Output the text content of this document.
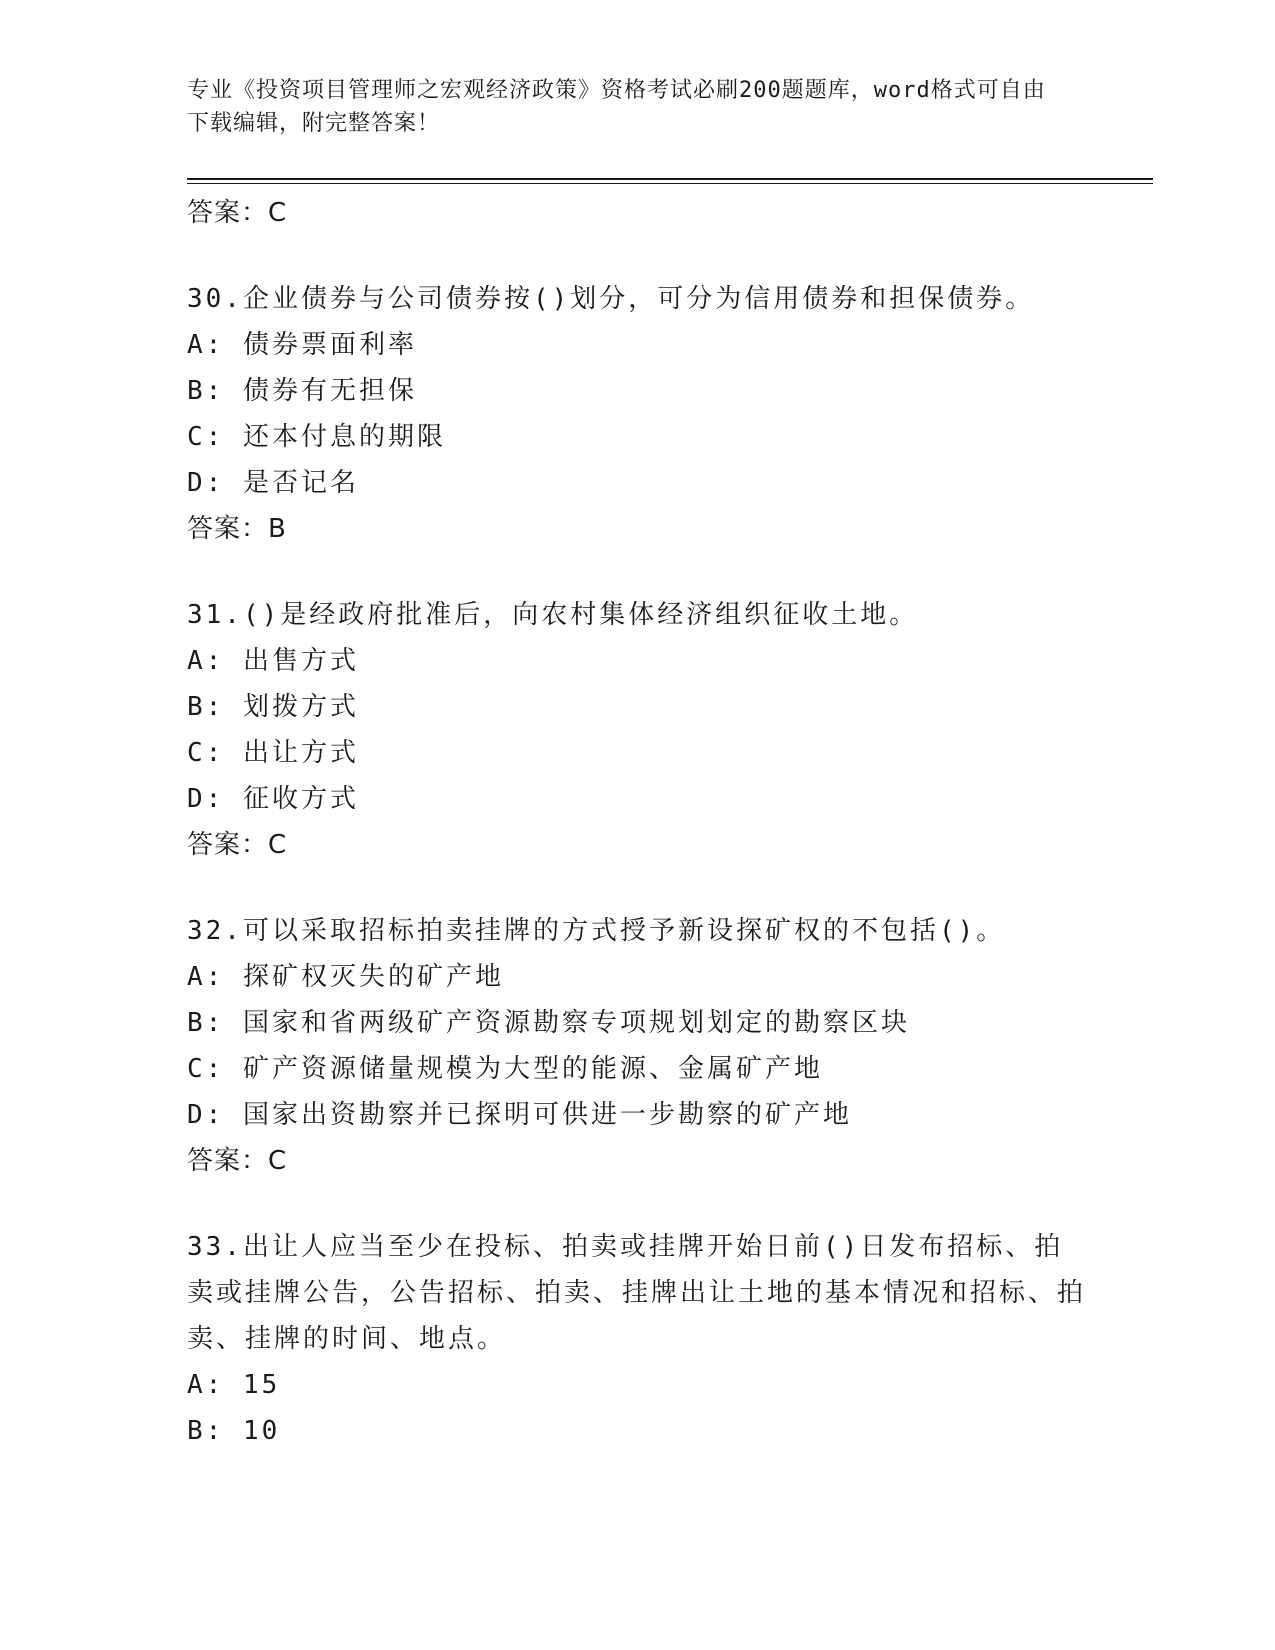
专业《投资项目管理师之宏观经济政策》资格考试必刷200题题库，word格式可自由下载编辑，附完整答案！
答案：C
30.企业债券与公司债券按()划分，可分为信用债券和担保债券。
A: 债券票面利率
B: 债券有无担保
C: 还本付息的期限
D: 是否记名
答案：B
31.()是经政府批准后，向农村集体经济组织征收土地。
A: 出售方式
B: 划拨方式
C: 出让方式
D: 征收方式
答案：C
32.可以采取招标拍卖挂牌的方式授予新设探矿权的不包括()。
A: 探矿权灭失的矿产地
B: 国家和省两级矿产资源勘察专项规划划定的勘察区块
C: 矿产资源储量规模为大型的能源、金属矿产地
D: 国家出资勘察并已探明可供进一步勘察的矿产地
答案：C
33.出让人应当至少在投标、拍卖或挂牌开始日前()日发布招标、拍卖或挂牌公告，公告招标、拍卖、挂牌出让土地的基本情况和招标、拍卖、挂牌的时间、地点。
A: 15
B: 10
